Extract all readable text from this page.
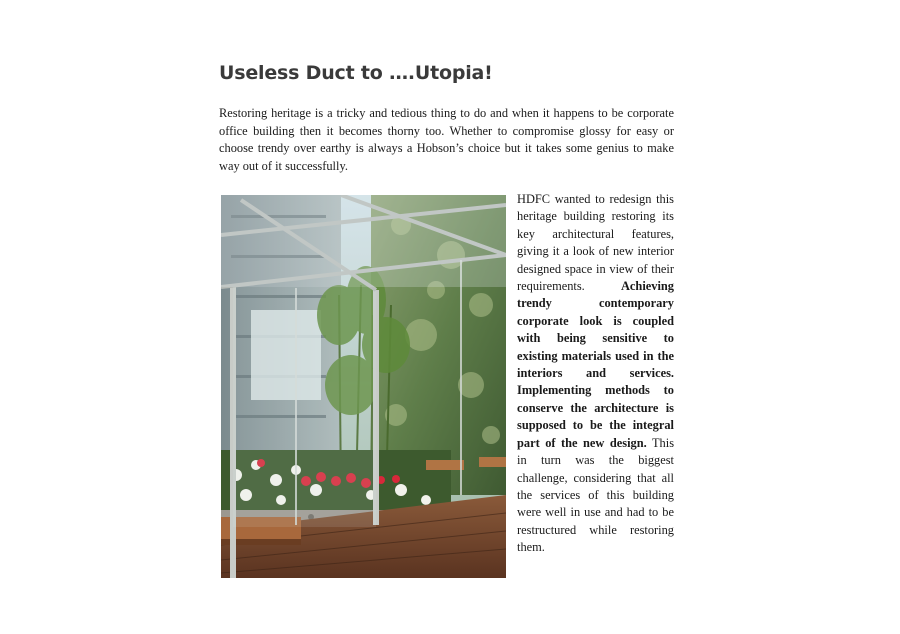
Useless Duct to ….Utopia!

Restoring heritage is a tricky and tedious thing to do and when it happens to be corporate office building then it becomes thorny too. Whether to compromise glossy for easy or choose trendy over earthy is always a Hobson’s choice but it takes some genius to make way out of it successfully.

HDFC wanted to redesign this heritage building restoring its key architectural features, giving it a look of new interior designed space in view of their requirements.	Achieving trendy contemporary corporate look is coupled with being sensitive to existing materials used in the interiors and services. Implementing methods to conserve the architecture is supposed to be the integral part of the new design. This in turn was the biggest challenge, considering that all the services of this building were well in use and had to be restructured while restoring them.
